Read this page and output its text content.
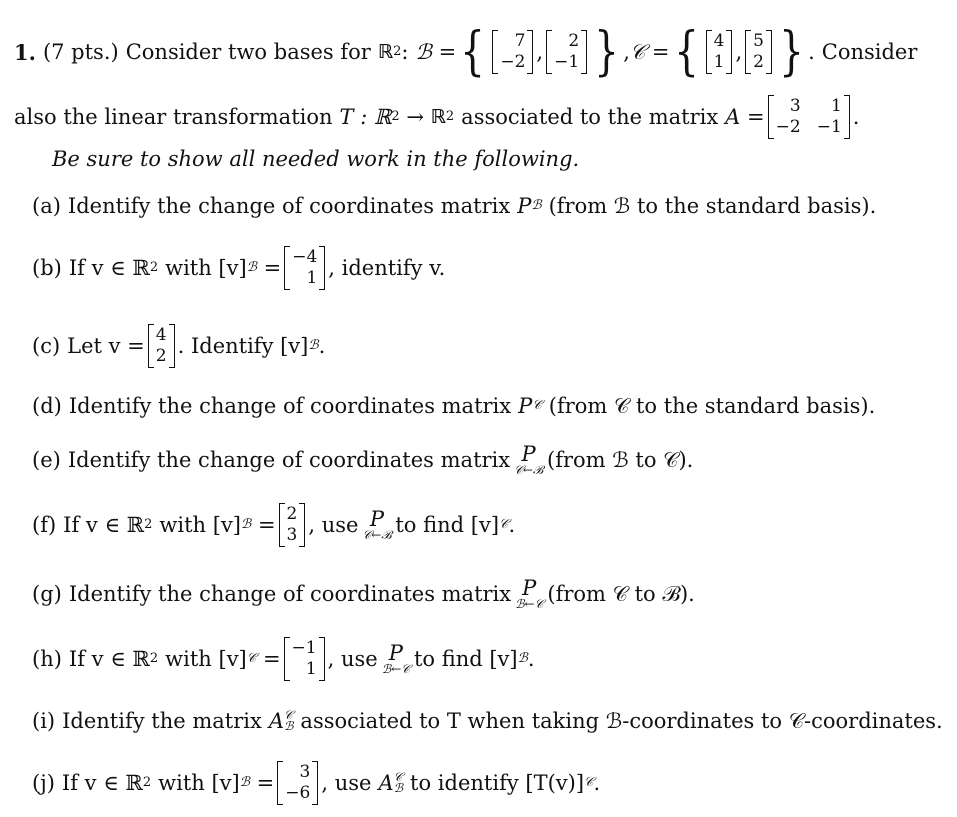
1. (7 pts.) Consider two bases for ℝ 2 : ℬ
= {	7
−2 ,	2
−1 } , 𝒞
= { 4
1 , 5
2 } . Consider
also the linear transformation T : ℝ 2 → ℝ 2 associated to the matrix A
=	3	1
−2 −1 .
Be sure to show all needed work in the following.
(a) Identify the change of coordinates matrix P ℬ (from ℬ to the standard basis).
(b) If v ∈ ℝ 2 with [v] ℬ
= −4
1 , identify v.
(c) Let v = 4
2 . Identify [v] ℬ .
(d) Identify the change of coordinates matrix P 𝒞 (from 𝒞 to the standard basis).
(e) Identify the change of coordinates matrix P
𝒞←ℬ (from ℬ to 𝒞).
(f) If v ∈ ℝ 2 with [v] ℬ
= 2
3 , use P
𝒞←ℬ to find [v] 𝒞 .
(g) Identify the change of coordinates matrix P
ℬ←𝒞 (from 𝒞 to ℬ).
(h) If v ∈ ℝ 2 with [v] 𝒞
= −1
1 , use P
ℬ←𝒞 to find [v] ℬ .
(i) Identify the matrix A 𝒞
ℬ associated to T when taking ℬ-coordinates to 𝒞-coordinates.
(j) If v ∈ ℝ 2 with [v] ℬ
=	3
−6 , use A 𝒞
ℬ to identify [T(v)] 𝒞 .
